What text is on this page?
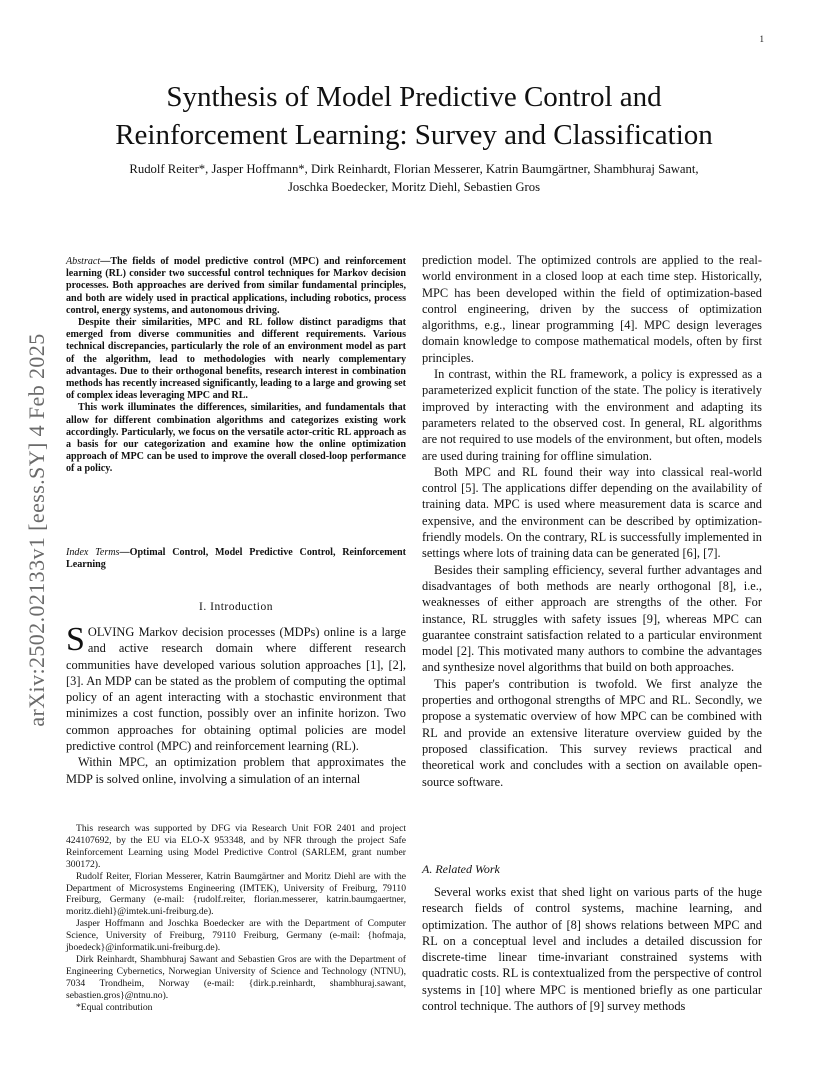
1
Synthesis of Model Predictive Control and
Reinforcement Learning: Survey and Classification
Rudolf Reiter*, Jasper Hoffmann*, Dirk Reinhardt, Florian Messerer, Katrin Baumgärtner, Shambhuraj Sawant,
Joschka Boedecker, Moritz Diehl, Sebastien Gros
arXiv:2502.02133v1 [eess.SY] 4 Feb 2025

Abstract—The fields of model predictive control (MPC) and reinforcement learning (RL) consider two successful control techniques for Markov decision processes. Both approaches are derived from similar fundamental principles, and both are widely used in practical applications, including robotics, process control, energy systems, and autonomous driving.

Despite their similarities, MPC and RL follow distinct paradigms that emerged from diverse communities and different requirements. Various technical discrepancies, particularly the role of an environment model as part of the algorithm, lead to methodologies with nearly complementary advantages. Due to their orthogonal benefits, research interest in combination methods has recently increased significantly, leading to a large and growing set of complex ideas leveraging MPC and RL.

This work illuminates the differences, similarities, and fundamentals that allow for different combination algorithms and categorizes existing work accordingly. Particularly, we focus on the versatile actor-critic RL approach as a basis for our categorization and examine how the online optimization approach of MPC can be used to improve the overall closed-loop performance of a policy.

Index Terms—Optimal Control, Model Predictive Control, Reinforcement Learning

I. Introduction

SOLVING Markov decision processes (MDPs) online is a large and active research domain where different research communities have developed various solution approaches [1], [2], [3]. An MDP can be stated as the problem of computing the optimal policy of an agent interacting with a stochastic environment that minimizes a cost function, possibly over an infinite horizon. Two common approaches for obtaining optimal policies are model predictive control (MPC) and reinforcement learning (RL).

Within MPC, an optimization problem that approximates the MDP is solved online, involving a simulation of an internal

This research was supported by DFG via Research Unit FOR 2401 and project 424107692, by the EU via ELO-X 953348, and by NFR through the project Safe Reinforcement Learning using Model Predictive Control (SARLEM, grant number 300172).

Rudolf Reiter, Florian Messerer, Katrin Baumgärtner and Moritz Diehl are with the Department of Microsystems Engineering (IMTEK), University of Freiburg, 79110 Freiburg, Germany (e-mail: {rudolf.reiter, florian.messerer, katrin.baumgaertner, moritz.diehl}@imtek.uni-freiburg.de).

Jasper Hoffmann and Joschka Boedecker are with the Department of Computer Science, University of Freiburg, 79110 Freiburg, Germany (e-mail: {hofmaja, jboedeck}@informatik.uni-freiburg.de).

Dirk Reinhardt, Shambhuraj Sawant and Sebastien Gros are with the Department of Engineering Cybernetics, Norwegian University of Science and Technology (NTNU), 7034 Trondheim, Norway (e-mail: {dirk.p.reinhardt, shambhuraj.sawant, sebastien.gros}@ntnu.no).

*Equal contribution

prediction model. The optimized controls are applied to the real-world environment in a closed loop at each time step. Historically, MPC has been developed within the field of optimization-based control engineering, driven by the success of optimization algorithms, e.g., linear programming [4]. MPC design leverages domain knowledge to compose mathematical models, often by first principles.

In contrast, within the RL framework, a policy is expressed as a parameterized explicit function of the state. The policy is iteratively improved by interacting with the environment and adapting its parameters related to the observed cost. In general, RL algorithms are not required to use models of the environment, but often, models are used during training for offline simulation.

Both MPC and RL found their way into classical real-world control [5]. The applications differ depending on the availability of training data. MPC is used where measurement data is scarce and expensive, and the environment can be described by optimization-friendly models. On the contrary, RL is successfully implemented in settings where lots of training data can be generated [6], [7].

Besides their sampling efficiency, several further advantages and disadvantages of both methods are nearly orthogonal [8], i.e., weaknesses of either approach are strengths of the other. For instance, RL struggles with safety issues [9], whereas MPC can guarantee constraint satisfaction related to a particular environment model [2]. This motivated many authors to combine the advantages and synthesize novel algorithms that build on both approaches.

This paper's contribution is twofold. We first analyze the properties and orthogonal strengths of MPC and RL. Secondly, we propose a systematic overview of how MPC can be combined with RL and provide an extensive literature overview guided by the proposed classification. This survey reviews practical and theoretical work and concludes with a section on available open-source software.

A. Related Work

Several works exist that shed light on various parts of the huge research fields of control systems, machine learning, and optimization. The author of [8] shows relations between MPC and RL on a conceptual level and includes a detailed discussion for discrete-time linear time-invariant constrained systems with quadratic costs. RL is contextualized from the perspective of control systems in [10] where MPC is mentioned briefly as one particular control technique. The authors of [9] survey methods
